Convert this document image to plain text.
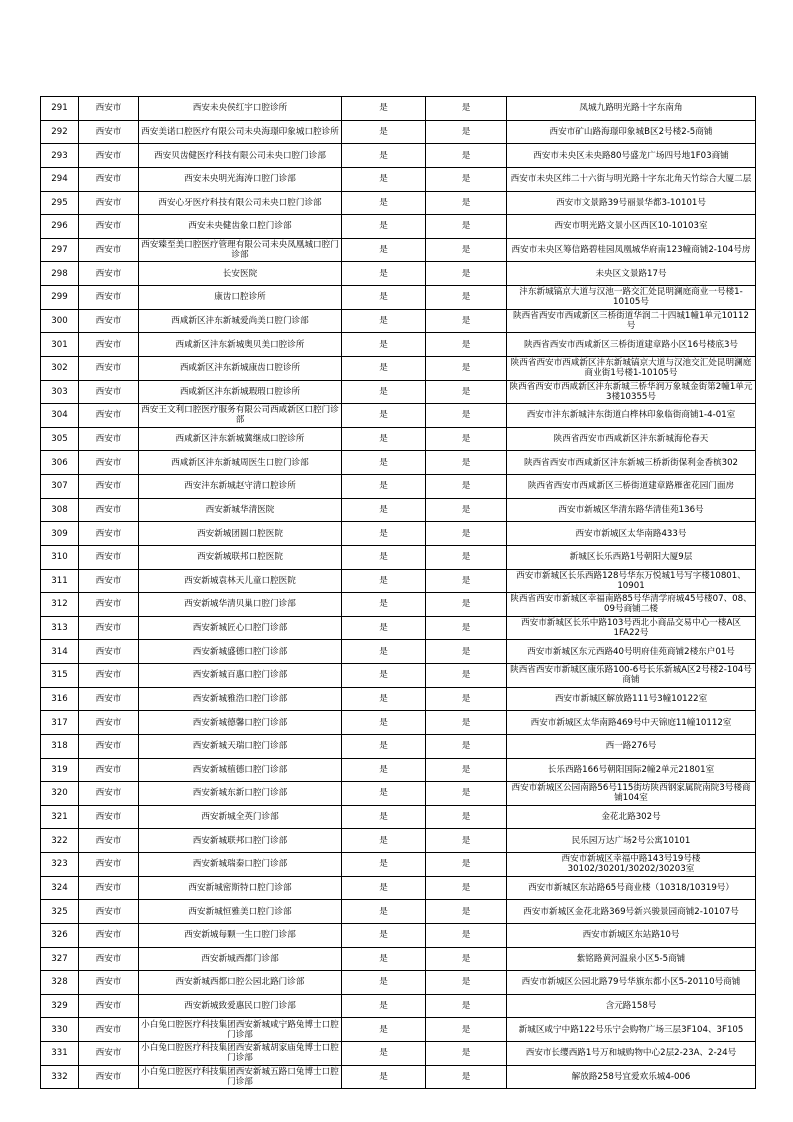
291	西安市	西安未央侯红宇口腔诊所	是	是	凤城九路明光路十字东南角
292	西安市	西安美诺口腔医疗有限公司未央海璟印象城口腔诊所	是	是	西安市矿山路海璟印象城B区2号楼2-5商铺
293	西安市	西安贝齿健医疗科技有限公司未央口腔门诊部	是	是	西安市未央区未央路80号盛龙广场四号地1F03商铺
294	西安市	西安未央明光海涛口腔门诊部	是	是	西安市未央区纬二十六街与明光路十字东北角天竹综合大厦二层
295	西安市	西安心牙医疗科技有限公司未央口腔门诊部	是	是	西安市文景路39号丽景华都3-10101号
296	西安市	西安未央健齿象口腔门诊部	是	是	西安市明光路文景小区西区10-10103室
297	西安市	西安臻至美口腔医疗管理有限公司未央凤凰城口腔门诊部	是	是	西安市未央区筹信路碧桂园凤凰城华府南123幢商铺2-104号房
298	西安市	长安医院	是	是	未央区文景路17号
299	西安市	康齿口腔诊所	是	是	沣东新城镐京大道与汉池一路交汇处昆明澜庭商业一号楼1-10105号
300	西安市	西咸新区沣东新城爱尚美口腔门诊部	是	是	陕西省西安市西咸新区三桥街道华润二十四城1幢1单元10112号
301	西安市	西咸新区沣东新城奥贝美口腔诊所	是	是	陕西省西安市西咸新区三桥街道建章路小区16号楼底3号
302	西安市	西咸新区沣东新城康齿口腔诊所	是	是	陕西省西安市西咸新区沣东新城镐京大道与汉池交汇处昆明澜庭商业街1号楼1-10105号
303	西安市	西咸新区沣东新城瑕瑕口腔诊所	是	是	陕西省西安市西咸新区沣东新城三桥华润万象城金街第2幢1单元3楼10355号
304	西安市	西安王文利口腔医疗服务有限公司西咸新区口腔门诊部	是	是	西安市沣东新城沣东街道白桦林印象临街商铺1-4-01室
305	西安市	西咸新区沣东新城冀继成口腔诊所	是	是	陕西省西安市西咸新区沣东新城海伦春天
306	西安市	西咸新区沣东新城周医生口腔门诊部	是	是	陕西省西安市西咸新区沣东新城三桥新街保利金香槟302
307	西安市	西安沣东新城赵守清口腔诊所	是	是	陕西省西安市西咸新区三桥街道建章路雁雀花园门面房
308	西安市	西安新城华清医院	是	是	西安市新城区华清东路华清佳苑136号
309	西安市	西安新城团圆口腔医院	是	是	西安市新城区太华南路433号
310	西安市	西安新城联邦口腔医院	是	是	新城区长乐西路1号朝阳大厦9层
311	西安市	西安新城袁林天儿童口腔医院	是	是	西安市新城区长乐西路128号华东万悦城1号写字楼10801、10901
312	西安市	西安新城华清贝巢口腔门诊部	是	是	陕西省西安市新城区幸福南路85号华清学府城45号楼07、08、09号商铺二楼
313	西安市	西安新城匠心口腔门诊部	是	是	西安市新城区长乐中路103号西北小商品交易中心一楼A区1FA22号
314	西安市	西安新城盛德口腔门诊部	是	是	西安市新城区东元西路40号明府佳苑商铺2楼东户01号
315	西安市	西安新城百惠口腔门诊部	是	是	陕西省西安市新城区康乐路100-6号长乐新城A区2号楼2-104号商铺
316	西安市	西安新城雅浩口腔门诊部	是	是	西安市新城区解放路111号3幢10122室
317	西安市	西安新城德馨口腔门诊部	是	是	西安市新城区太华南路469号中天锦庭11幢10112室
318	西安市	西安新城天瑞口腔门诊部	是	是	西一路276号
319	西安市	西安新城植德口腔门诊部	是	是	长乐西路166号朝阳国际2幢2单元21801室
320	西安市	西安新城东新口腔门诊部	是	是	西安市新城区公园南路56号115街坊陕西钢家属院南院3号楼商铺104室
321	西安市	西安新城全英门诊部	是	是	金花北路302号
322	西安市	西安新城联邦口腔门诊部	是	是	民乐园万达广场2号公寓10101
323	西安市	西安新城瑞秦口腔门诊部	是	是	西安市新城区幸福中路143号19号楼30102/30201/30202/30203室
324	西安市	西安新城密斯特口腔门诊部	是	是	西安市新城区东站路65号商业楼（10318/10319号）
325	西安市	西安新城恒雅美口腔门诊部	是	是	西安市新城区金花北路369号新兴骏景园商铺2-10107号
326	西安市	西安新城每颗一生口腔门诊部	是	是	西安市新城区东站路10号
327	西安市	西安新城西都门诊部	是	是	紫铭路黄河温泉小区5-5商铺
328	西安市	西安新城西都口腔公园北路门诊部	是	是	西安市新城区公园北路79号华旗东都小区5-20110号商铺
329	西安市	西安新城致爱惠民口腔门诊部	是	是	含元路158号
330	西安市	小白兔口腔医疗科技集团西安新城咸宁路兔博士口腔门诊部	是	是	新城区咸宁中路122号乐宁会购物广场三层3F104、3F105
331	西安市	小白兔口腔医疗科技集团西安新城胡家庙兔博士口腔门诊部	是	是	西安市长缨西路1号万和城购物中心2层2-23A、2-24号
332	西安市	小白兔口腔医疗科技集团西安新城五路口兔博士口腔门诊部	是	是	解放路258号宜爱欢乐城4-006
